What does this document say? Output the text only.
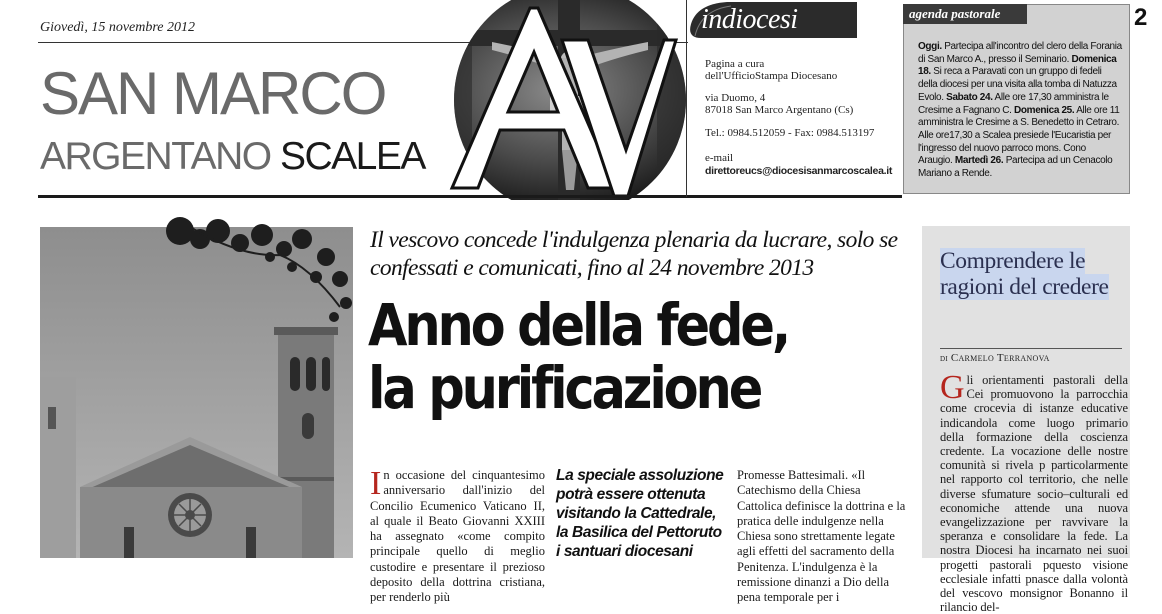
Giovedì, 15 novembre 2012
SAN MARCO
ARGENTANO SCALEA
indiocesi
Pagina a cura
dell'UfficioStampa Diocesano
via Duomo, 4
87018 San Marco Argentano (Cs)
Tel.: 0984.512059 - Fax: 0984.513197
e-mail
direttoreucs@diocesisanmarcoscalea.it
agenda pastorale
Oggi. Partecipa all'incontro del clero della Forania di San Marco A., presso il Seminario. Domenica 18. Si reca a Paravati con un gruppo di fedeli della diocesi per una visita alla tomba di Natuzza Evolo. Sabato 24. Alle ore 17,30 amministra le Cresime a Fagnano C. Domenica 25. Alle ore 11 amministra le Cresime a S. Benedetto in Cetraro. Alle ore17,30 a Scalea presiede l'Eucaristia per l'ingresso del nuovo parroco mons. Cono Araugio. Martedì 26. Partecipa ad un Cenacolo Mariano a Rende.
2
Il vescovo concede l'indulgenza plenaria da lucrare, solo se confessati e comunicati, fino al 24 novembre 2013
Anno della fede,
la purificazione
In occasione del cinquantesimo anniversario dall'inizio del Concilio Ecumenico Vaticano II, al quale il Beato Giovanni XXIII ha assegnato «come compito principale quello di meglio custodire e presentare il prezioso deposito della dottrina cristiana, per renderlo più
La speciale assoluzione potrà essere ottenuta visitando la Cattedrale, la Basilica del Pettoruto i santuari diocesani
Promesse Battesimali. «Il Catechismo della Chiesa Cattolica definisce la dottrina e la pratica delle indulgenze nella Chiesa sono strettamente legate agli effetti del sacramento della Penitenza. L'indulgenza è la remissione dinanzi a Dio della pena temporale per i
Comprendere le ragioni del credere
di Carmelo Terranova
Gli orientamenti pastorali della Cei promuovono la parrocchia come crocevia di istanze educative indicandola come luogo primario della formazione della coscienza credente. La vocazione delle nostre comunità si rivela p particolarmente nel rapporto col territorio, che nelle diverse sfumature socio–culturali ed economiche attende una nuova evangelizzazione per ravvivare la speranza e consolidare la fede. La nostra Diocesi ha incarnato nei suoi progetti pastorali pquesto visione ecclesiale infatti pnasce dalla volontà del vescovo monsignor Bonanno il rilancio del-
